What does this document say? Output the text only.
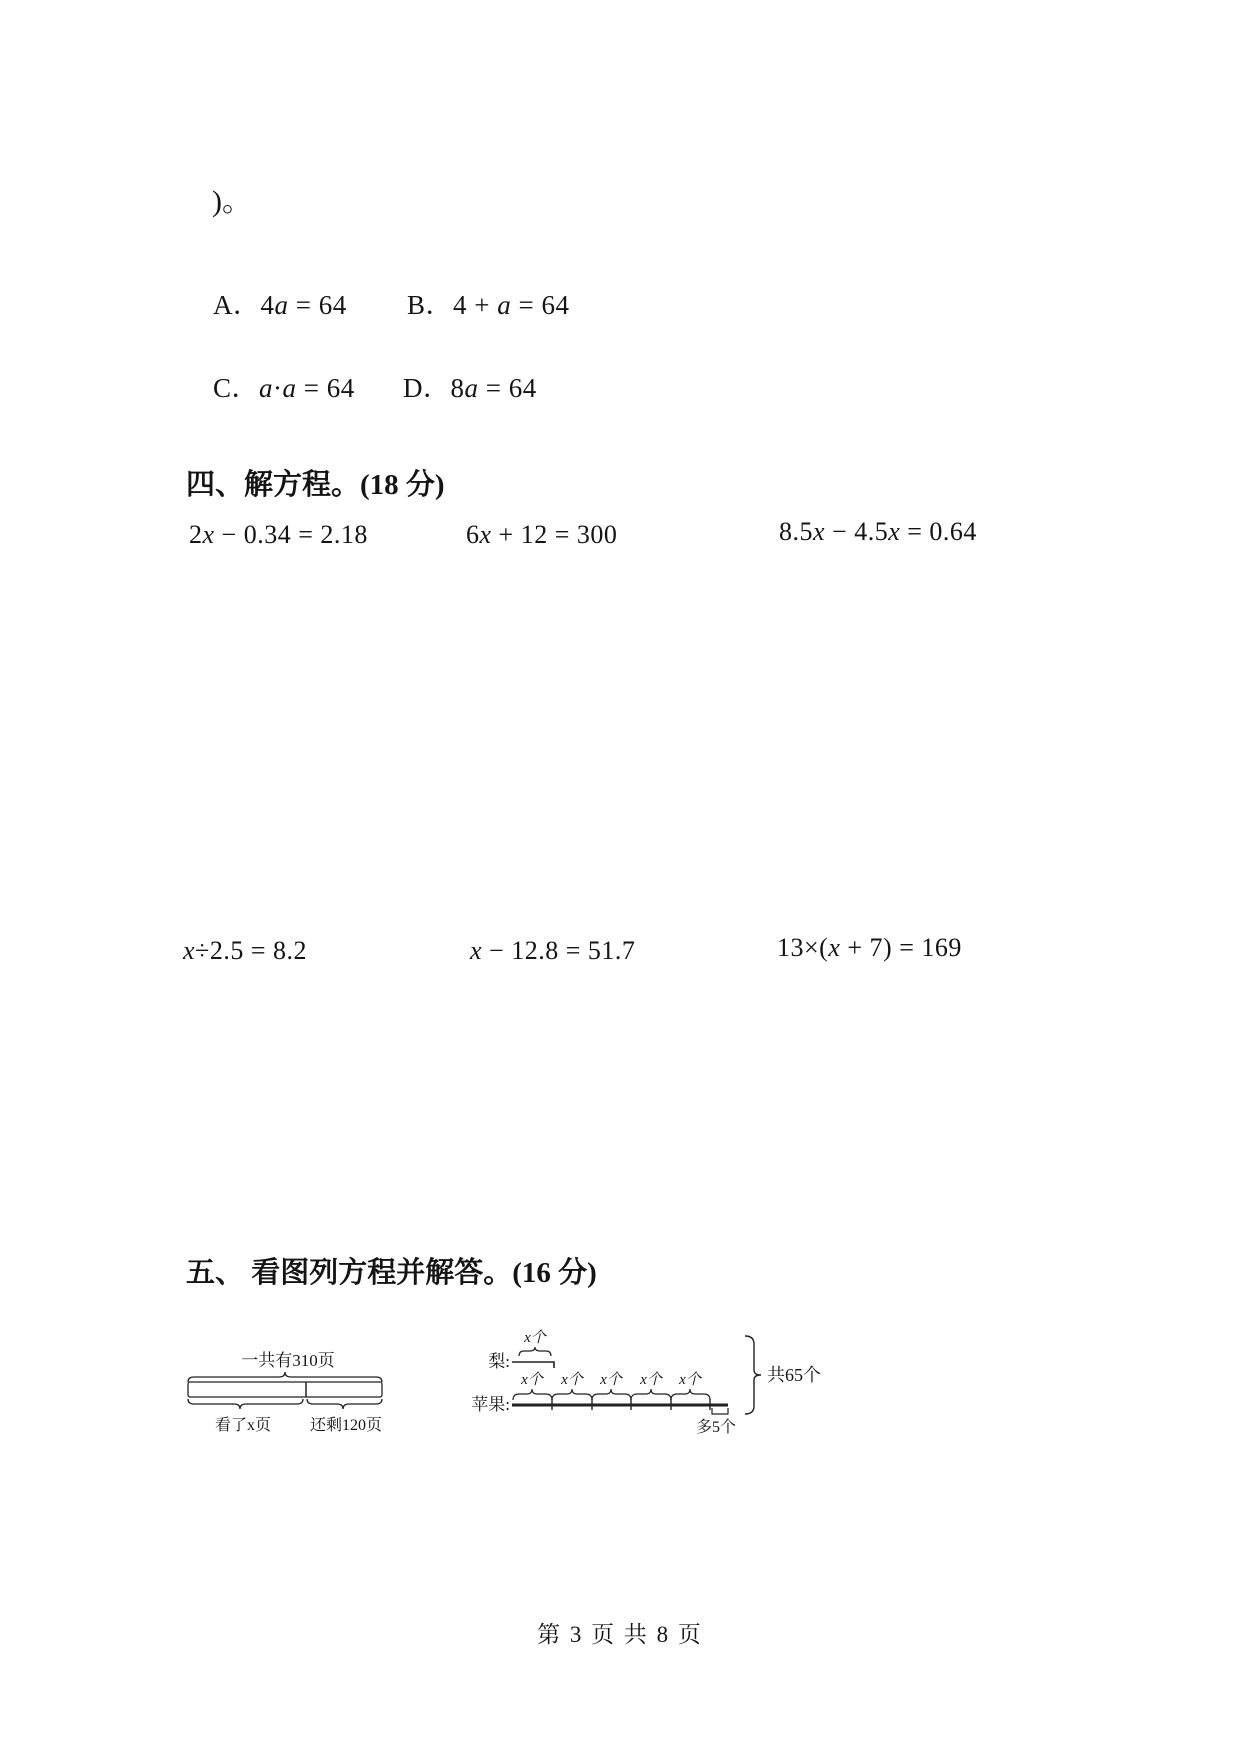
)。
A．4a = 64 B．4 + a = 64
C．a·a = 64 D．8a = 64
四、解方程。(18 分)
2x − 0.34 = 2.18	6x + 12 = 300	8.5x − 4.5x = 0.64
x÷2.5 = 8.2	x − 12.8 = 51.7	13×(x + 7) = 169
五、 看图列方程并解答。(16 分)
一共有310页
看了x页 还剩120页
x个
梨:
x个 x个 x个 x个 x个
苹果:
多5个
共65个
第 3 页 共 8 页
